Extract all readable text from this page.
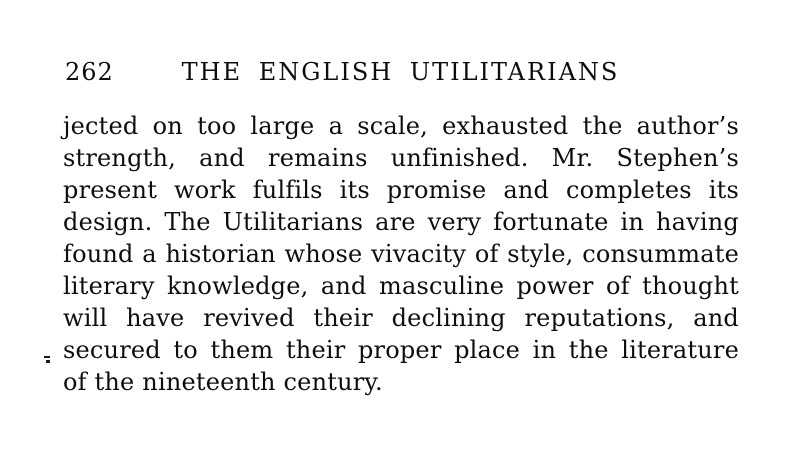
262	THE ENGLISH UTILITARIANS
jected on too large a scale, exhausted the author’s
strength, and remains unfinished. Mr. Stephen’s
present work fulfils its promise and completes its
design. The Utilitarians are very fortunate in having
found a historian whose vivacity of style, consummate
literary knowledge, and masculine power of thought
will have revived their declining reputations, and
secured to them their proper place in the literature
of the nineteenth century.
